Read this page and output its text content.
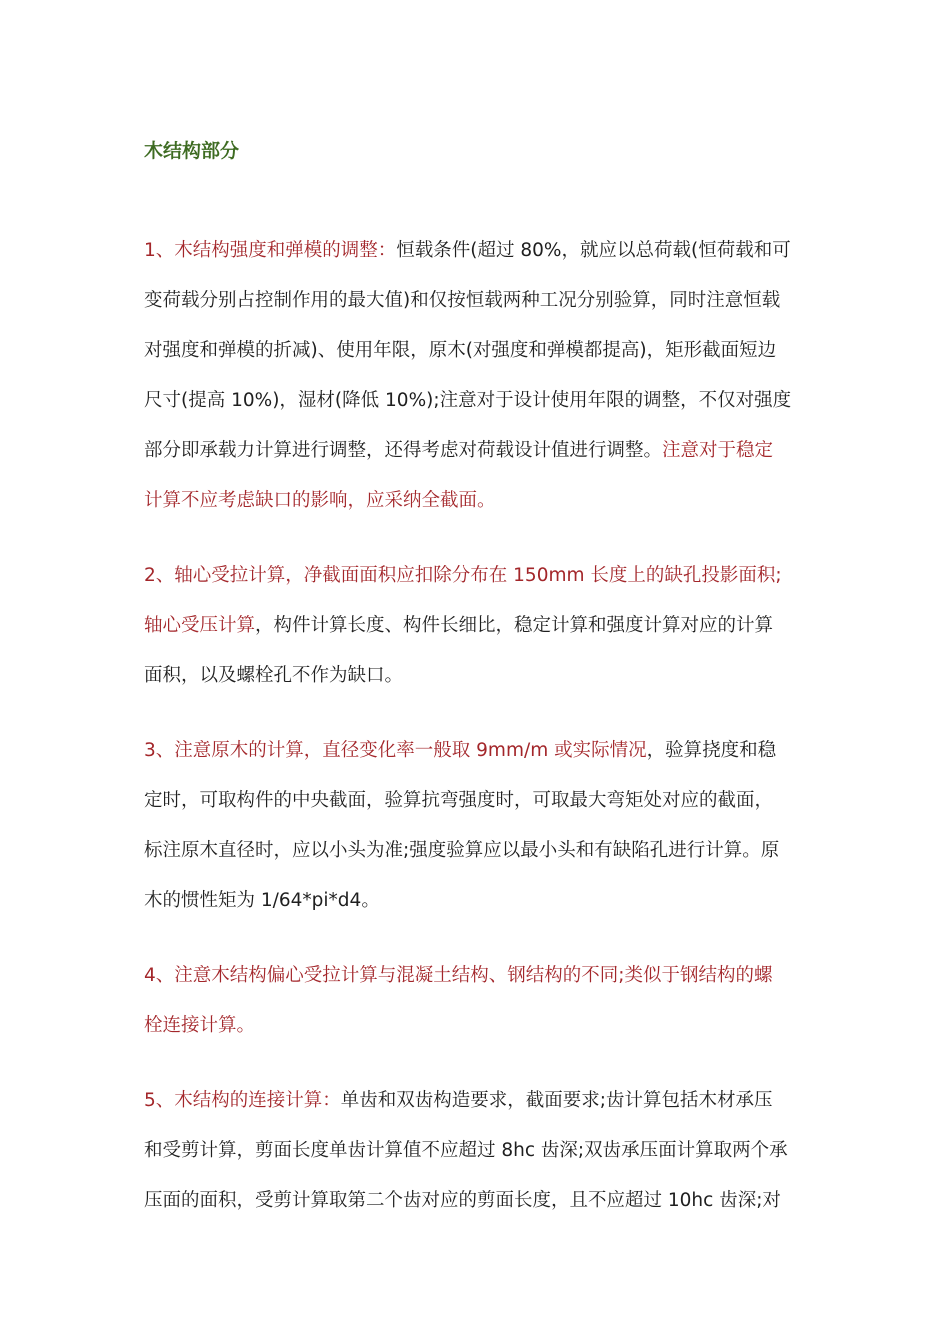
木结构部分
1、木结构强度和弹模的调整：恒载条件(超过 80%，就应以总荷载(恒荷载和可
变荷载分别占控制作用的最大值)和仅按恒载两种工况分别验算，同时注意恒载
对强度和弹模的折减)、使用年限，原木(对强度和弹模都提高)，矩形截面短边
尺寸(提高 10%)，湿材(降低 10%);注意对于设计使用年限的调整，不仅对强度
部分即承载力计算进行调整，还得考虑对荷载设计值进行调整。注意对于稳定
计算不应考虑缺口的影响，应采纳全截面。
2、轴心受拉计算，净截面面积应扣除分布在 150mm 长度上的缺孔投影面积;
轴心受压计算，构件计算长度、构件长细比，稳定计算和强度计算对应的计算
面积，以及螺栓孔不作为缺口。
3、注意原木的计算，直径变化率一般取 9mm/m 或实际情况，验算挠度和稳
定时，可取构件的中央截面，验算抗弯强度时，可取最大弯矩处对应的截面，
标注原木直径时，应以小头为准;强度验算应以最小头和有缺陷孔进行计算。原
木的惯性矩为 1/64*pi*d4。
4、注意木结构偏心受拉计算与混凝土结构、钢结构的不同;类似于钢结构的螺
栓连接计算。
5、木结构的连接计算：单齿和双齿构造要求，截面要求;齿计算包括木材承压
和受剪计算，剪面长度单齿计算值不应超过 8hc 齿深;双齿承压面计算取两个承
压面的面积，受剪计算取第二个齿对应的剪面长度，且不应超过 10hc 齿深;对
